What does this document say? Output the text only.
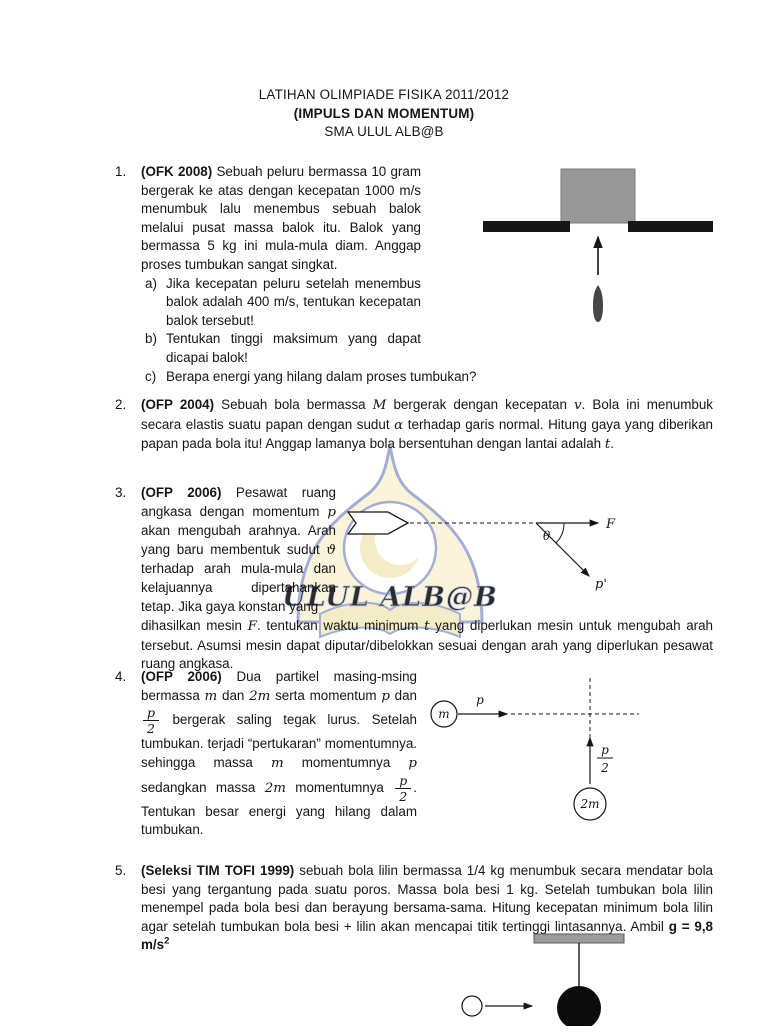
ULUL ALB@B
LATIHAN OLIMPIADE FISIKA 2011/2012
(IMPULS DAN MOMENTUM)
SMA ULUL ALB@B
1.	(OFK 2008) Sebuah peluru bermassa 10 gram bergerak ke atas dengan kecepatan 1000 m/s menumbuk lalu menembus sebuah balok melalui pusat massa balok itu. Balok yang bermassa 5 kg ini mula-mula diam. Anggap proses tumbukan sangat singkat.

a) Jika kecepatan peluru setelah menembus balok adalah 400 m/s, tentukan kecepatan balok tersebut!
b) Tentukan tinggi maksimum yang dapat dicapai balok!
c) Berapa energi yang hilang dalam proses tumbukan?
2.	(OFP 2004) Sebuah bola bermassa M bergerak dengan kecepatan v. Bola ini menumbuk secara elastis suatu papan dengan sudut α terhadap garis normal. Hitung gaya yang diberikan papan pada bola itu! Anggap lamanya bola bersentuhan dengan lantai adalah t.

3.	(OFP 2006) Pesawat ruang angkasa dengan momentum p akan mengubah arahnya. Arah yang baru membentuk sudut ϑ terhadap arah mula-mula dan kelajuannya dipertahankan tetap. Jika gaya konstan yang

F
p'
θ

dihasilkan mesin F. tentukan waktu minimum t yang diperlukan mesin untuk mengubah arah tersebut. Asumsi mesin dapat diputar/dibelokkan sesuai dengan arah yang diperlukan pesawat ruang angkasa.

4.	(OFP 2006) Dua partikel masing-msing bermassa m dan 2m serta momentum p dan
$\frac{p}{2}$ bergerak saling tegak lurus. Setelah tumbukan. terjadi “pertukaran” momentumnya. sehingga massa m momentumnya p sedangkan massa 2m momentumnya $\frac{p}{2}$ . Tentukan besar energi yang hilang dalam tumbukan.

m
p
p
2
2m
5.	(Seleksi TIM TOFI 1999) sebuah bola lilin bermassa 1/4 kg menumbuk secara mendatar bola besi yang tergantung pada suatu poros. Massa bola besi 1 kg. Setelah tumbukan bola lilin menempel pada bola besi dan berayung bersama-sama. Hitung kecepatan minimum bola lilin agar setelah tumbukan bola besi + lilin akan mencapai titik tertinggi lintasannya. Ambil g = 9,8 $m/s^2$
